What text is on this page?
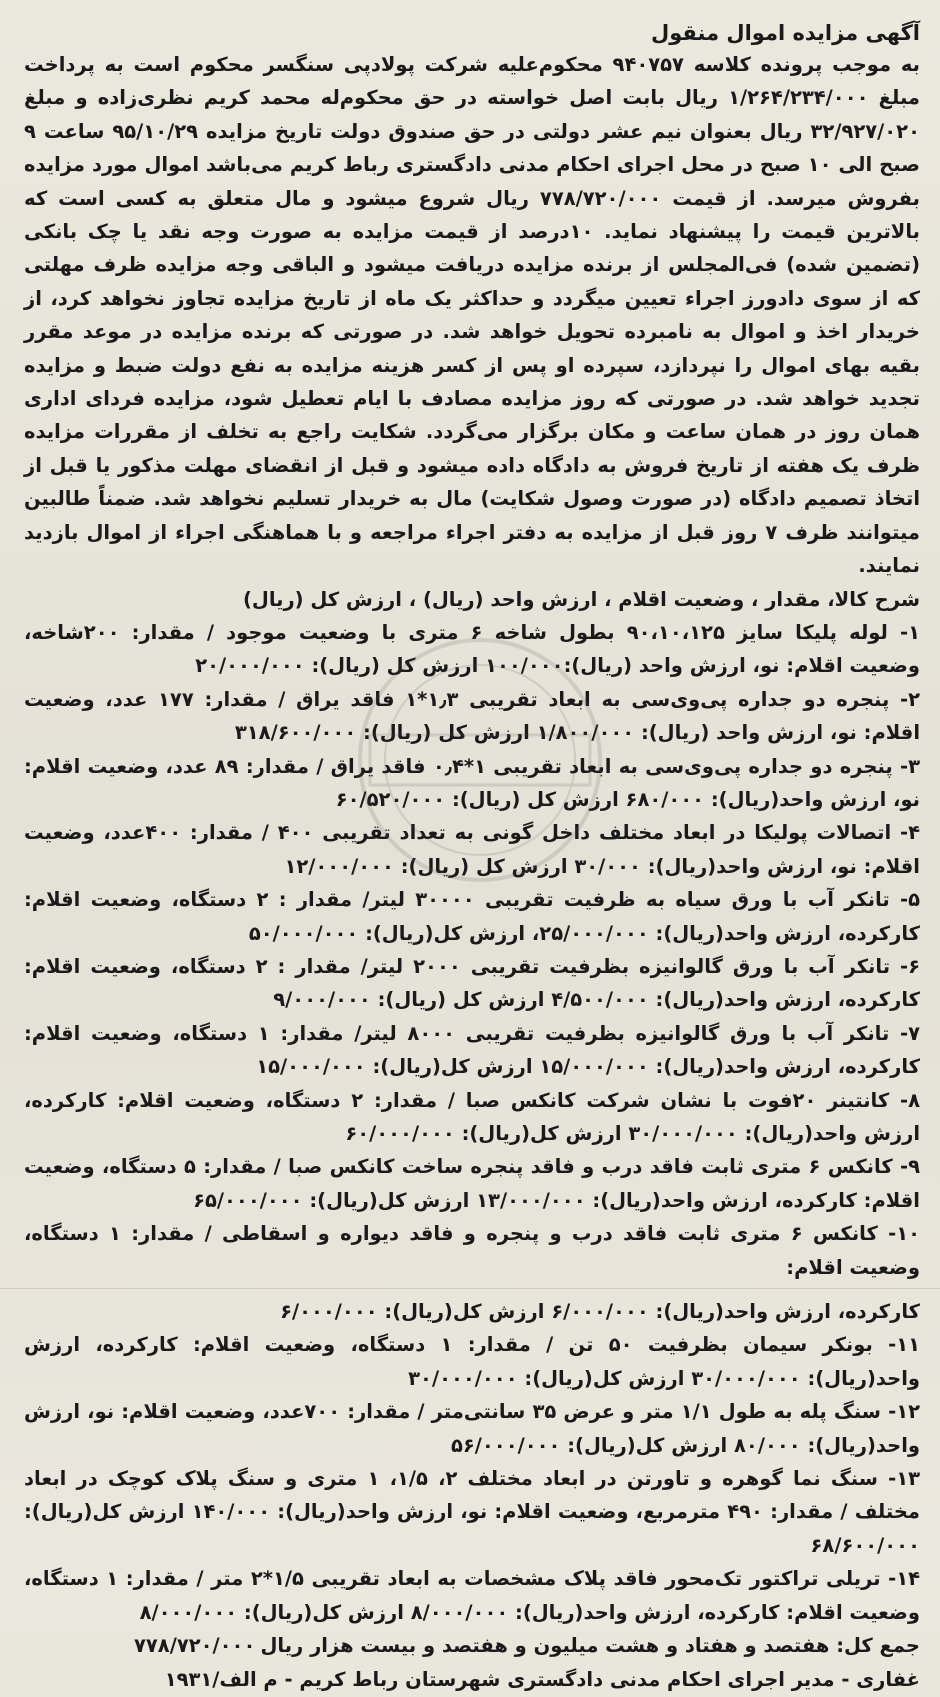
آگهی مزایده اموال منقول

به موجب پرونده کلاسه ۹۴۰۷۵۷ محکوم‌علیه شرکت پولادپی سنگسر محکوم است به پرداخت مبلغ ۱/۲۶۴/۲۳۴/۰۰۰ ریال بابت اصل خواسته در حق محکوم‌له محمد کریم نظری‌زاده و مبلغ ۳۲/۹۲۷/۰۲۰ ریال بعنوان نیم عشر دولتی در حق صندوق دولت تاریخ مزایده ۹۵/۱۰/۲۹ ساعت ۹ صبح الی ۱۰ صبح در محل اجرای احکام مدنی دادگستری رباط کریم می‌باشد اموال مورد مزایده بفروش میرسد. از قیمت ۷۷۸/۷۲۰/۰۰۰ ریال شروع میشود و مال متعلق به کسی است که بالاترین قیمت را پیشنهاد نماید. ۱۰درصد از قیمت مزایده به صورت وجه نقد یا چک بانکی (تضمین شده) فی‌المجلس از برنده مزایده دریافت میشود و الباقی وجه مزایده ظرف مهلتی که از سوی دادورز اجراء تعیین میگردد و حداکثر یک ماه از تاریخ مزایده تجاوز نخواهد کرد، از خریدار اخذ و اموال به نامبرده تحویل خواهد شد. در صورتی که برنده مزایده در موعد مقرر بقیه بهای اموال را نپردازد، سپرده او پس از کسر هزینه مزایده به نفع دولت ضبط و مزایده تجدید خواهد شد. در صورتی که روز مزایده مصادف با ایام تعطیل شود، مزایده فردای اداری همان روز در همان ساعت و مکان برگزار می‌گردد. شکایت راجع به تخلف از مقررات مزایده ظرف یک هفته از تاریخ فروش به دادگاه داده میشود و قبل از انقضای مهلت مذکور یا قبل از اتخاذ تصمیم دادگاه (در صورت وصول شکایت) مال به خریدار تسلیم نخواهد شد. ضمناً طالبین میتوانند ظرف ۷ روز قبل از مزایده به دفتر اجراء مراجعه و با هماهنگی اجراء از اموال بازدید نمایند.

شرح کالا، مقدار ، وضعیت اقلام ، ارزش واحد (ریال) ، ارزش کل (ریال)

۱- لوله پلیکا سایز ۹۰،۱۰،۱۲۵ بطول شاخه ۶ متری با وضعیت موجود / مقدار: ۲۰۰شاخه، وضعیت اقلام: نو، ارزش واحد (ریال):۱۰۰/۰۰۰ ارزش کل (ریال): ۲۰/۰۰۰/۰۰۰

۲- پنجره دو جداره پی‌وی‌سی به ابعاد تقریبی ۱٫۳*۱ فاقد یراق / مقدار: ۱۷۷ عدد، وضعیت اقلام: نو، ارزش واحد (ریال): ۱/۸۰۰/۰۰۰ ارزش کل (ریال): ۳۱۸/۶۰۰/۰۰۰

۳- پنجره دو جداره پی‌وی‌سی به ابعاد تقریبی ۱*۰٫۴ فاقد یراق / مقدار: ۸۹ عدد، وضعیت اقلام: نو، ارزش واحد(ریال): ۶۸۰/۰۰۰ ارزش کل (ریال): ۶۰/۵۲۰/۰۰۰

۴- اتصالات پولیکا در ابعاد مختلف داخل گونی به تعداد تقریبی ۴۰۰ / مقدار: ۴۰۰عدد، وضعیت اقلام: نو، ارزش واحد(ریال): ۳۰/۰۰۰ ارزش کل (ریال): ۱۲/۰۰۰/۰۰۰

۵- تانکر آب با ورق سیاه به ظرفیت تقریبی ۳۰۰۰۰ لیتر/ مقدار : ۲ دستگاه، وضعیت اقلام: کارکرده، ارزش واحد(ریال): ۲۵/۰۰۰/۰۰۰، ارزش کل(ریال): ۵۰/۰۰۰/۰۰۰

۶- تانکر آب با ورق گالوانیزه بظرفیت تقریبی ۲۰۰۰ لیتر/ مقدار : ۲ دستگاه، وضعیت اقلام: کارکرده، ارزش واحد(ریال): ۴/۵۰۰/۰۰۰ ارزش کل (ریال): ۹/۰۰۰/۰۰۰

۷- تانکر آب با ورق گالوانیزه بظرفیت تقریبی ۸۰۰۰ لیتر/ مقدار: ۱ دستگاه، وضعیت اقلام: کارکرده، ارزش واحد(ریال): ۱۵/۰۰۰/۰۰۰ ارزش کل(ریال): ۱۵/۰۰۰/۰۰۰

۸- کانتینر ۲۰فوت با نشان شرکت کانکس صبا / مقدار: ۲ دستگاه، وضعیت اقلام: کارکرده، ارزش واحد(ریال): ۳۰/۰۰۰/۰۰۰ ارزش کل(ریال): ۶۰/۰۰۰/۰۰۰

۹- کانکس ۶ متری ثابت فاقد درب و فاقد پنجره ساخت کانکس صبا / مقدار: ۵ دستگاه، وضعیت اقلام: کارکرده، ارزش واحد(ریال): ۱۳/۰۰۰/۰۰۰ ارزش کل(ریال): ۶۵/۰۰۰/۰۰۰

۱۰- کانکس ۶ متری ثابت فاقد درب و پنجره و فاقد دیواره و اسقاطی / مقدار: ۱ دستگاه، وضعیت اقلام:

کارکرده، ارزش واحد(ریال): ۶/۰۰۰/۰۰۰ ارزش کل(ریال): ۶/۰۰۰/۰۰۰

۱۱- بونکر سیمان بظرفیت ۵۰ تن / مقدار: ۱ دستگاه، وضعیت اقلام: کارکرده، ارزش واحد(ریال): ۳۰/۰۰۰/۰۰۰ ارزش کل(ریال): ۳۰/۰۰۰/۰۰۰

۱۲- سنگ پله به طول ۱/۱ متر و عرض ۳۵ سانتی‌متر / مقدار: ۷۰۰عدد، وضعیت اقلام: نو، ارزش واحد(ریال): ۸۰/۰۰۰ ارزش کل(ریال): ۵۶/۰۰۰/۰۰۰

۱۳- سنگ نما گوهره و تاورتن در ابعاد مختلف ۲، ۱/۵، ۱ متری و سنگ پلاک کوچک در ابعاد مختلف / مقدار: ۴۹۰ مترمربع، وضعیت اقلام: نو، ارزش واحد(ریال): ۱۴۰/۰۰۰ ارزش کل(ریال): ۶۸/۶۰۰/۰۰۰

۱۴- تریلی تراکتور تک‌محور فاقد پلاک مشخصات به ابعاد تقریبی ۱/۵*۲ متر / مقدار: ۱ دستگاه، وضعیت اقلام: کارکرده، ارزش واحد(ریال): ۸/۰۰۰/۰۰۰ ارزش کل(ریال): ۸/۰۰۰/۰۰۰

جمع کل: هفتصد و هفتاد و هشت میلیون و هفتصد و بیست هزار ریال
۷۷۸/۷۲۰/۰۰۰

غفاری - مدیر اجرای احکام مدنی دادگستری شهرستان رباط کریم - م الف/۱۹۳۱
